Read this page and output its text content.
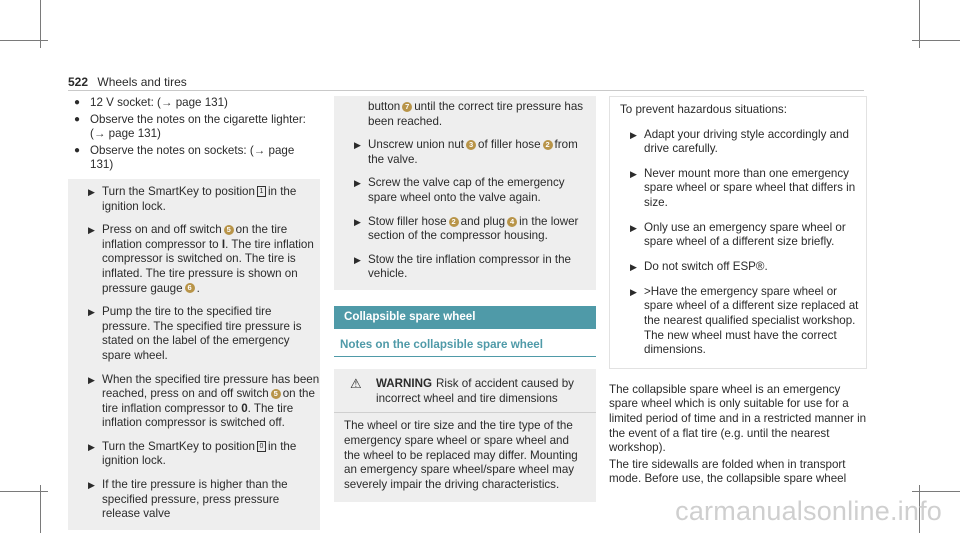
522 Wheels and tires
● 12 V socket: (→ page 131)
● Observe the notes on the cigarette lighter: (→ page 131)
● Observe the notes on sockets: (→ page 131)
▶ Turn the SmartKey to position 1 in the ignition lock.
▶ Press on and off switch 5 on the tire inflation compressor to I. The tire inflation compressor is switched on. The tire is inflated. The tire pressure is shown on pressure gauge 6 .
▶ Pump the tire to the specified tire pressure. The specified tire pressure is stated on the label of the emergency spare wheel.
▶ When the specified tire pressure has been reached, press on and off switch 5 on the tire inflation compressor to 0. The tire inflation compressor is switched off.
▶ Turn the SmartKey to position 0 in the ignition lock.
▶ If the tire pressure is higher than the specified pressure, press pressure release valve
button 7 until the correct tire pressure has been reached.
▶ Unscrew union nut 3 of filler hose 2 from the valve.
▶ Screw the valve cap of the emergency spare wheel onto the valve again.
▶ Stow filler hose 2 and plug 4 in the lower section of the compressor housing.
▶ Stow the tire inflation compressor in the vehicle.
Collapsible spare wheel
Notes on the collapsible spare wheel
⚠	WARNING Risk of accident caused by incorrect wheel and tire dimensions
The wheel or tire size and the tire type of the emergency spare wheel or spare wheel and the wheel to be replaced may differ. Mounting an emergency spare wheel/spare wheel may severely impair the driving characteristics.
To prevent hazardous situations:
▶ Adapt your driving style accordingly and drive carefully.
▶ Never mount more than one emergency spare wheel or spare wheel that differs in size.
▶ Only use an emergency spare wheel or spare wheel of a different size briefly.
▶ Do not switch off ESP®.
▶ >Have the emergency spare wheel or spare wheel of a different size replaced at the nearest qualified specialist workshop. The new wheel must have the correct dimensions.
The collapsible spare wheel is an emergency spare wheel which is only suitable for use for a limited period of time and in a restricted manner in the event of a flat tire (e.g. until the nearest workshop).
The tire sidewalls are folded when in transport mode. Before use, the collapsible spare wheel
carmanualsonline.info
